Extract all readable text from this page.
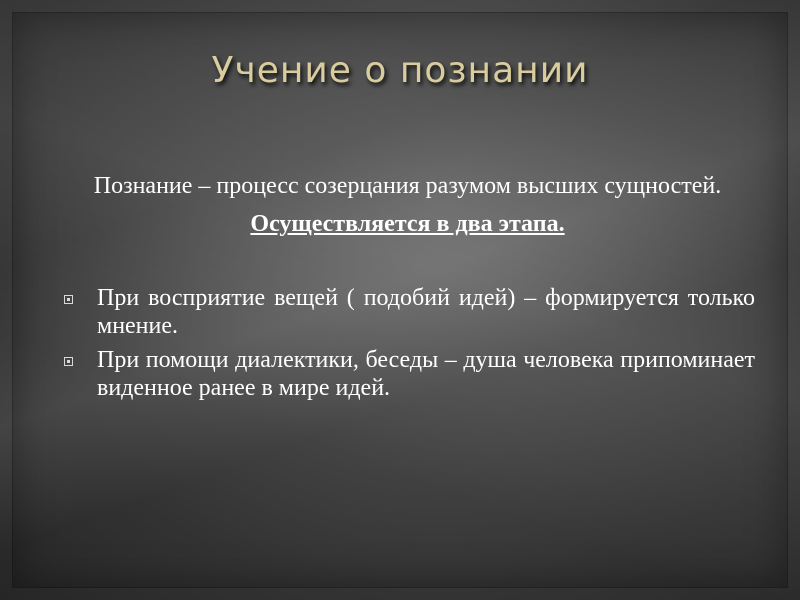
Учение о познании

Познание – процесс созерцания разумом высших сущностей.

Осуществляется в два этапа.

При восприятие вещей ( подобий идей) – формируется только мнение.
При помощи диалектики, беседы – душа человека припоминает виденное ранее в мире идей.
